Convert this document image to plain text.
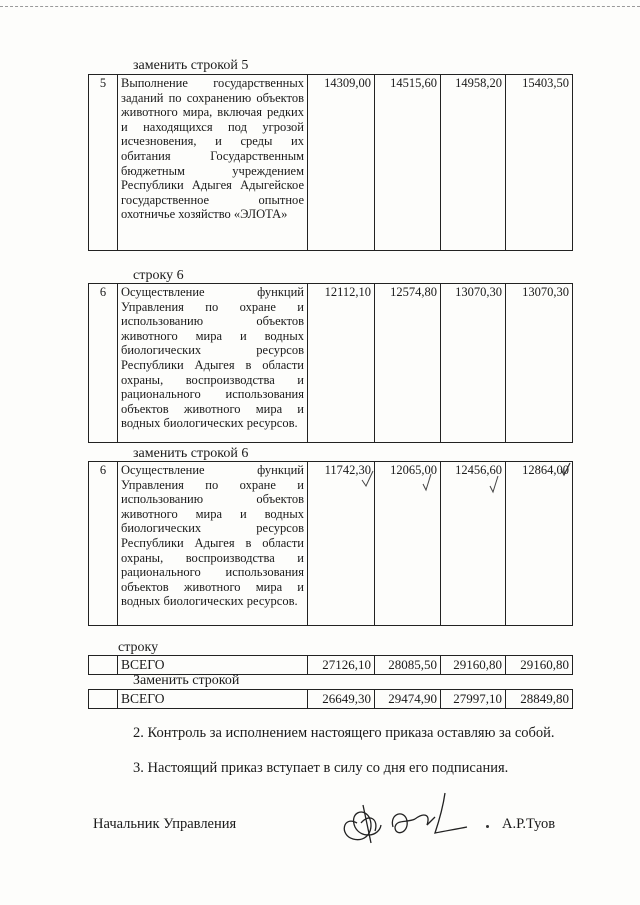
заменить строкой 5
5	Выполнение государственных заданий по сохранению объектов животного мира, включая редких и находящихся под угрозой исчезновения, и среды их обитания Государственным бюджетным учреждением Республики Адыгея Адыгейское государственное опытное охотничье хозяйство «ЭЛОТА»	14309,00	14515,60	14958,20	15403,50
строку 6
6	Осуществление функций Управления по охране и использованию объектов животного мира и водных биологических ресурсов Республики Адыгея в области охраны, воспроизводства и рационального использования объектов животного мира и водных биологических ресурсов.	12112,10	12574,80	13070,30	13070,30
заменить строкой 6
6	Осуществление функций Управления по охране и использованию объектов животного мира и водных биологических ресурсов Республики Адыгея в области охраны, воспроизводства и рационального использования объектов животного мира и водных биологических ресурсов.	11742,30	12065,00	12456,60	12864,00
строку
	ВСЕГО	27126,10	28085,50	29160,80	29160,80
Заменить строкой
	ВСЕГО	26649,30	29474,90	27997,10	28849,80
2. Контроль за исполнением настоящего приказа оставляю за собой.
3. Настоящий приказ вступает в силу со дня его подписания.
Начальник Управления	А.Р.Туов
